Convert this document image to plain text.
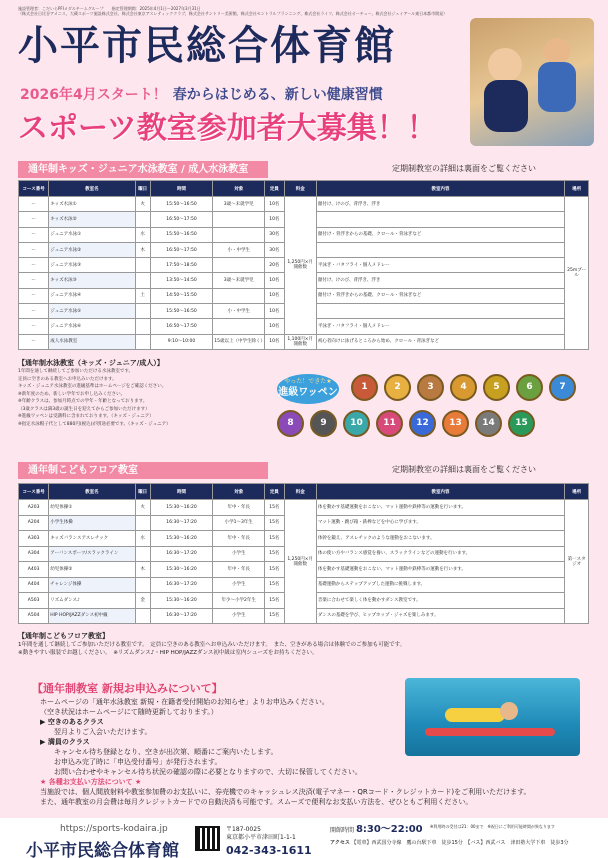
施設管理者：こだいらPFIメダルチームグループ　　指定管理期間：2025年4月1日～2027年3月31日
（株式会社日比谷アメニス、大蔵スポーツ施設株式会社、株式会社東京アスレティッククラブ、株式会社サントリー美術館、株式会社セントラルプランニング、株式会社ライフ、株式会社オーチュー、株式会社ジェイアール東日本都市開発）
小平市民総合体育館
2026年4月スタート！ 春からはじめる、新しい健康習慣
スポーツ教室参加者大募集！！
通年制キッズ・ジュニア水泳教室 / 成人水泳教室	定期制教室の詳細は裏面をご覧ください
コース番号	教室名	曜日	時間	対象	定員	料金	教室内容	場所
ー	キッズ水泳①	火	15:50～16:50	3歳～未就学児	10名	1,250円×月開催数	顔付け、けのび、背浮き、浮き	25mプール
ー	キッズ水泳②		16:50～17:50		10名			
ー	ジュニア水泳①	水	15:50～16:50		30名		顔付け・背浮きからの基礎、クロール・背泳ぎなど	
ー	ジュニア水泳②	木	16:50～17:50	小・中学生	30名			
ー	ジュニア水泳③		17:50～18:50		20名		平泳ぎ・バタフライ・個人メドレー	
ー	キッズ水泳③		13:50～14:50	3歳～未就学児	10名		顔付け、けのび、背浮き、浮き	
ー	ジュニア水泳④	土	14:50～15:50		10名		顔付け・背浮きからの基礎、クロール・背泳ぎなど	
ー	ジュニア水泳⑤		15:50～16:50	小・中学生	10名			
ー	ジュニア水泳⑥		16:50～17:50		10名		平泳ぎ・バタフライ・個人メドレー	
ー	成人水泳教室		9:10～10:00	15歳以上（中学生除く）	10名	1,100円×月開催数	初心者向けに泳げるところから始め、クロール・背泳ぎなど	
【通年制水泳教室（キッズ・ジュニア/成人）】
1年間を通して継続してご参加いただける水泳教室です。
定員に空きのある教室へお申込みいただけます。
キッズ・ジュニア水泳教室の進級基準はホームページをご確認ください。
※新年度のため、新しい学年でお申し込みください。
※年齢クラスは、参加月時点での学年・年齢となっております。
（3歳クラスは満3歳の誕生日を迎えてからご参加いただけます）
※進級ワッペンは受講料に含まれております。（キッズ・ジュニア）
※指定水泳帽子代として880円(税込)が別途必要です。（キッズ・ジュニア）
やった！できた★
進級ワッペン	1	2	3	4	5	6	7
8	9	10	11	12	13	14	15
通年制こどもフロア教室	定期制教室の詳細は裏面をご覧ください
コース番号	教室名	曜日	時間	対象	定員	料金	教室内容	場所
A203	幼児体操①	火	15:30～16:20	年中・年長	15名	1,250円×月開催数	体を動かす基礎運動をおこない、マット運動や鉄棒等の運動を行います。	第一スタジオ
A204	小学生体操		16:30～17:20	小学1～3年生	15名		マット運動・跳び箱・鉄棒などを中心に学びます。	
A303	キッズバランスアスレチック	水	15:30～16:20	年中・年長	15名		体幹を鍛え、アスレチックのような運動をおこないます。	
A304	アーバンスポーツ/スラックライン		16:30～17:20	小学生	15名		体の使い方やバランス感覚を養い、スラックラインなどの運動を行います。	
A403	幼児体操②	木	15:30～16:20	年中・年長	15名		体を動かす基礎運動をおこない、マット運動や鉄棒等の運動を行います。	
A404	チャレンジ体操		16:30～17:20	小学生	15名		基礎運動からステップアップした運動に挑戦します。	
A503	リズムダンス♪	金	15:30～16:20	年少～小学2年生	15名		音楽に合わせて楽しく体を動かすダンス教室です。	
A504	HIP HOP/JAZZダンス初中級		16:30～17:20	小学生	15名		ダンスの基礎を学び、ヒップホップ・ジャズを楽しみます。	
【通年制こどもフロア教室】
1年間を通して継続してご参加いただける教室です。　定員に空きのある教室へお申込みいただけます。　また、空きがある場合は体験でのご参加も可能です。
※動きやすい服装でお越しください。　※リズムダンス♪・HIP HOP/JAZZダンス初中級は室内シューズをお持ちください。
【通年制教室 新規お申込みについて】
ホームページの「通年水泳教室 新規・在籍者受付開始のお知らせ」よりお申込みください。
（空き状況はホームページにて随時更新しております。）
▶ 空きのあるクラス
翌月よりご入会いただけます。
▶ 満員のクラス
キャンセル待ち登録となり、空きが出次第、順番にご案内いたします。
お申込み完了時に「申込受付番号」が発行されます。
お問い合わせやキャンセル待ち状況の確認の際に必要となりますので、大切に保管してください。
★ 各種お支払い方法について ★
当施設では、個人間放射料や教室参加費のお支払いに、券売機でのキャッシュレス決済(電子マネー・QRコード・クレジットカード)をご利用いただけます。
また、通年教室の月会費は毎月クレジットカードでの自動決済も可能です。スムーズで便利なお支払い方法を、ぜひともご利用ください。
https://sports-kodaira.jp
小平市民総合体育館
〒187-0025
東京都小平市津田町1-1-1
042-343-1611
開館時間 8:30～22:00
アクセス 【電車】西武国分寺線　鷹の台駅下車　徒歩15分　【バス】西武バス　津田塾大学下車　徒歩3分
※利用時の受付は21：00まで　※祝日にご利用可能時間が異なります
